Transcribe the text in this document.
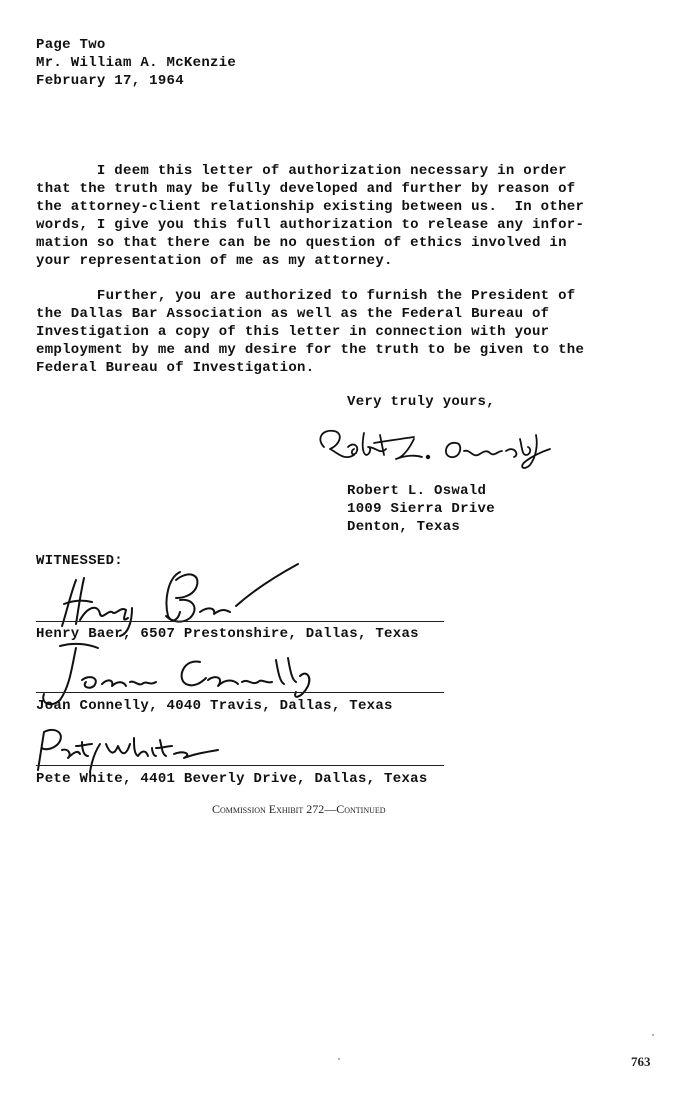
Page Two
Mr. William A. McKenzie
February 17, 1964
I deem this letter of authorization necessary in order
that the truth may be fully developed and further by reason of
the attorney-client relationship existing between us.  In other
words, I give you this full authorization to release any infor-
mation so that there can be no question of ethics involved in
your representation of me as my attorney.
Further, you are authorized to furnish the President of
the Dallas Bar Association as well as the Federal Bureau of
Investigation a copy of this letter in connection with your
employment by me and my desire for the truth to be given to the
Federal Bureau of Investigation.
Very truly yours,
Robert L. Oswald
1009 Sierra Drive
Denton, Texas
WITNESSED:
Henry Baer, 6507 Prestonshire, Dallas, Texas
Joan Connelly, 4040 Travis, Dallas, Texas
Pete White, 4401 Beverly Drive, Dallas, Texas
Commission Exhibit 272—Continued
763
